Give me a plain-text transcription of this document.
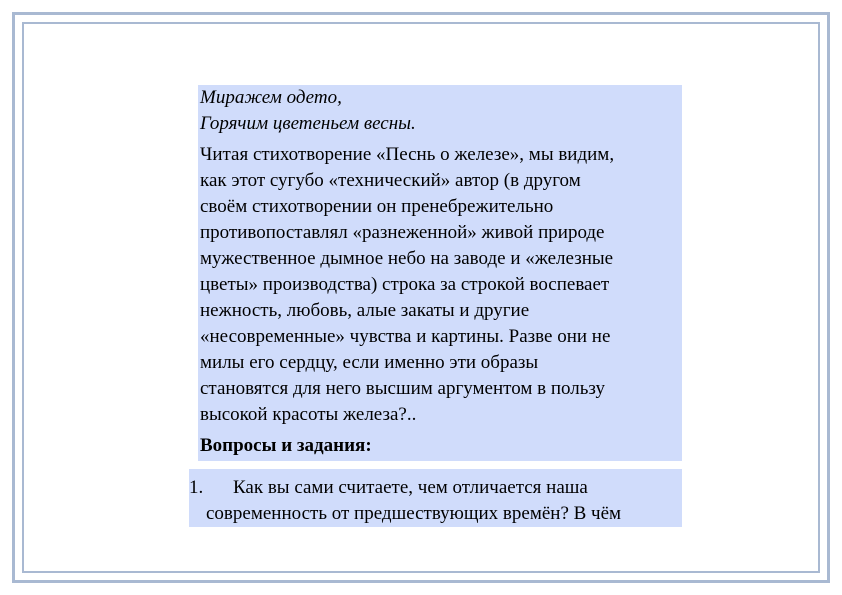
Миражем одето,

Горячим цветеньем весны.

Читая стихотворение «Песнь о железе», мы видим,
как этот сугубо «технический» автор (в другом
своём стихотворении он пренебрежительно
противопоставлял «разнеженной» живой природе
мужественное дымное небо на заводе и «железные
цветы» производства) строка за строкой воспевает
нежность, любовь, алые закаты и другие
«несовременные» чувства и картины. Разве они не
милы его сердцу, если именно эти образы
становятся для него высшим аргументом в пользу
высокой красоты железа?..

Вопросы и задания:

1. Как вы сами считаете, чем отличается наша
современность от предшествующих времён? В чём
